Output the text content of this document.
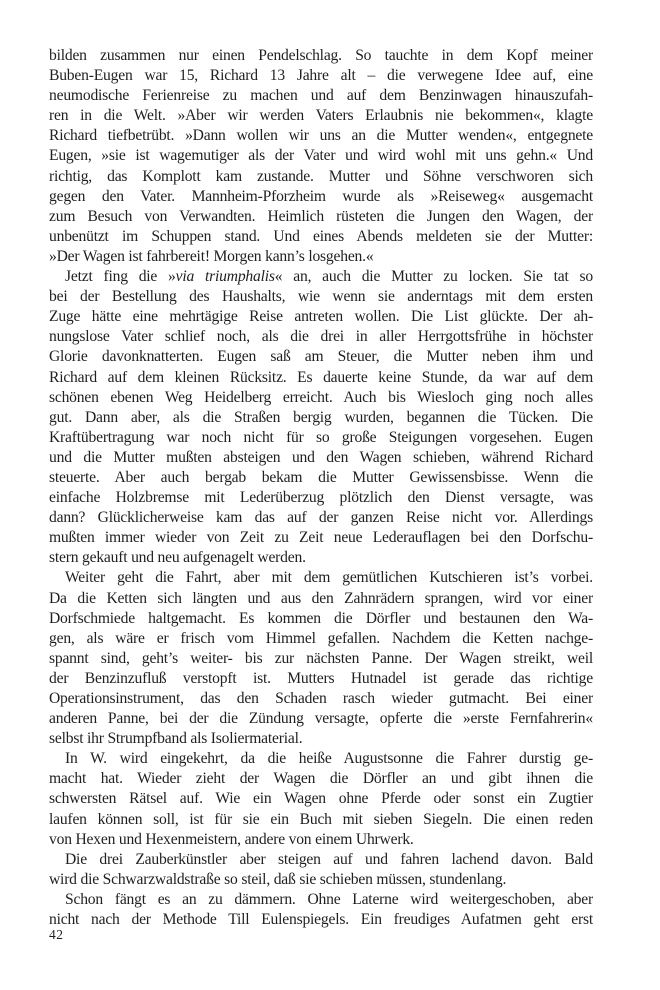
bilden zusammen nur einen Pendelschlag. So tauchte in dem Kopf meiner
Buben-Eugen war 15, Richard 13 Jahre alt – die verwegene Idee auf, eine
neumodische Ferienreise zu machen und auf dem Benzinwagen hinauszufah-
ren in die Welt. »Aber wir werden Vaters Erlaubnis nie bekommen«, klagte
Richard tiefbetrübt. »Dann wollen wir uns an die Mutter wenden«, entgegnete
Eugen, »sie ist wagemutiger als der Vater und wird wohl mit uns gehn.« Und
richtig, das Komplott kam zustande. Mutter und Söhne verschworen sich
gegen den Vater. Mannheim-Pforzheim wurde als »Reiseweg« ausgemacht
zum Besuch von Verwandten. Heimlich rüsteten die Jungen den Wagen, der
unbenützt im Schuppen stand. Und eines Abends meldeten sie der Mutter:
»Der Wagen ist fahrbereit! Morgen kann’s losgehen.«
Jetzt fing die »via triumphalis« an, auch die Mutter zu locken. Sie tat so
bei der Bestellung des Haushalts, wie wenn sie anderntags mit dem ersten
Zuge hätte eine mehrtägige Reise antreten wollen. Die List glückte. Der ah-
nungslose Vater schlief noch, als die drei in aller Herrgottsfrühe in höchster
Glorie davonknatterten. Eugen saß am Steuer, die Mutter neben ihm und
Richard auf dem kleinen Rücksitz. Es dauerte keine Stunde, da war auf dem
schönen ebenen Weg Heidelberg erreicht. Auch bis Wiesloch ging noch alles
gut. Dann aber, als die Straßen bergig wurden, begannen die Tücken. Die
Kraftübertragung war noch nicht für so große Steigungen vorgesehen. Eugen
und die Mutter mußten absteigen und den Wagen schieben, während Richard
steuerte. Aber auch bergab bekam die Mutter Gewissensbisse. Wenn die
einfache Holzbremse mit Lederüberzug plötzlich den Dienst versagte, was
dann? Glücklicherweise kam das auf der ganzen Reise nicht vor. Allerdings
mußten immer wieder von Zeit zu Zeit neue Lederauflagen bei den Dorfschu-
stern gekauft und neu aufgenagelt werden.
Weiter geht die Fahrt, aber mit dem gemütlichen Kutschieren ist’s vorbei.
Da die Ketten sich längten und aus den Zahnrädern sprangen, wird vor einer
Dorfschmiede haltgemacht. Es kommen die Dörfler und bestaunen den Wa-
gen, als wäre er frisch vom Himmel gefallen. Nachdem die Ketten nachge-
spannt sind, geht’s weiter- bis zur nächsten Panne. Der Wagen streikt, weil
der Benzinzufluß verstopft ist. Mutters Hutnadel ist gerade das richtige
Operationsinstrument, das den Schaden rasch wieder gutmacht. Bei einer
anderen Panne, bei der die Zündung versagte, opferte die »erste Fernfahrerin«
selbst ihr Strumpfband als Isoliermaterial.
In W. wird eingekehrt, da die heiße Augustsonne die Fahrer durstig ge-
macht hat. Wieder zieht der Wagen die Dörfler an und gibt ihnen die
schwersten Rätsel auf. Wie ein Wagen ohne Pferde oder sonst ein Zugtier
laufen können soll, ist für sie ein Buch mit sieben Siegeln. Die einen reden
von Hexen und Hexenmeistern, andere von einem Uhrwerk.
Die drei Zauberkünstler aber steigen auf und fahren lachend davon. Bald
wird die Schwarzwaldstraße so steil, daß sie schieben müssen, stundenlang.
Schon fängt es an zu dämmern. Ohne Laterne wird weitergeschoben, aber
nicht nach der Methode Till Eulenspiegels. Ein freudiges Aufatmen geht erst
42
